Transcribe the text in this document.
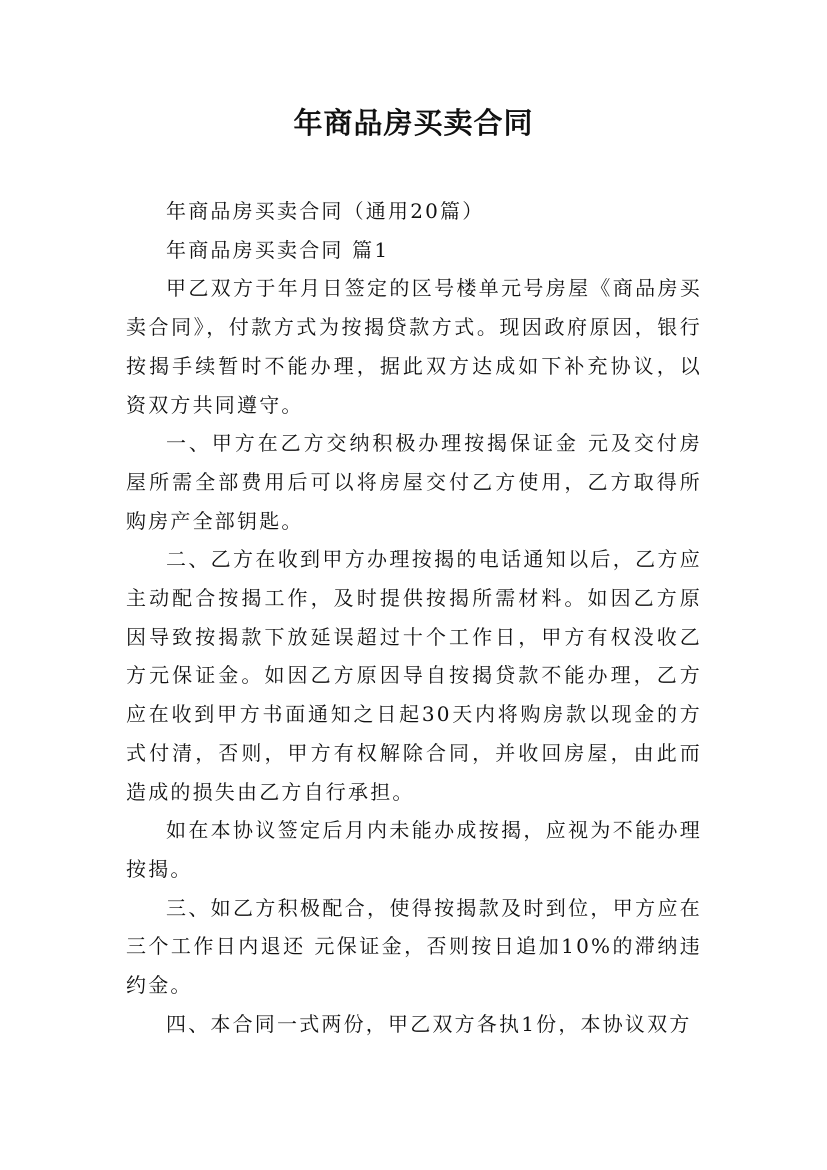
年商品房买卖合同

年商品房买卖合同（通用20篇）

年商品房买卖合同 篇1

甲乙双方于年月日签定的区号楼单元号房屋《商品房买卖合同》，付款方式为按揭贷款方式。现因政府原因，银行按揭手续暂时不能办理，据此双方达成如下补充协议，以资双方共同遵守。

一、甲方在乙方交纳积极办理按揭保证金 元及交付房屋所需全部费用后可以将房屋交付乙方使用，乙方取得所购房产全部钥匙。

二、乙方在收到甲方办理按揭的电话通知以后，乙方应主动配合按揭工作，及时提供按揭所需材料。如因乙方原因导致按揭款下放延误超过十个工作日，甲方有权没收乙方元保证金。如因乙方原因导自按揭贷款不能办理，乙方应在收到甲方书面通知之日起30天内将购房款以现金的方式付清，否则，甲方有权解除合同，并收回房屋，由此而造成的损失由乙方自行承担。

如在本协议签定后月内未能办成按揭，应视为不能办理按揭。

三、如乙方积极配合，使得按揭款及时到位，甲方应在三个工作日内退还 元保证金，否则按日追加10%的滞纳违约金。

四、本合同一式两份，甲乙双方各执1份，本协议双方
